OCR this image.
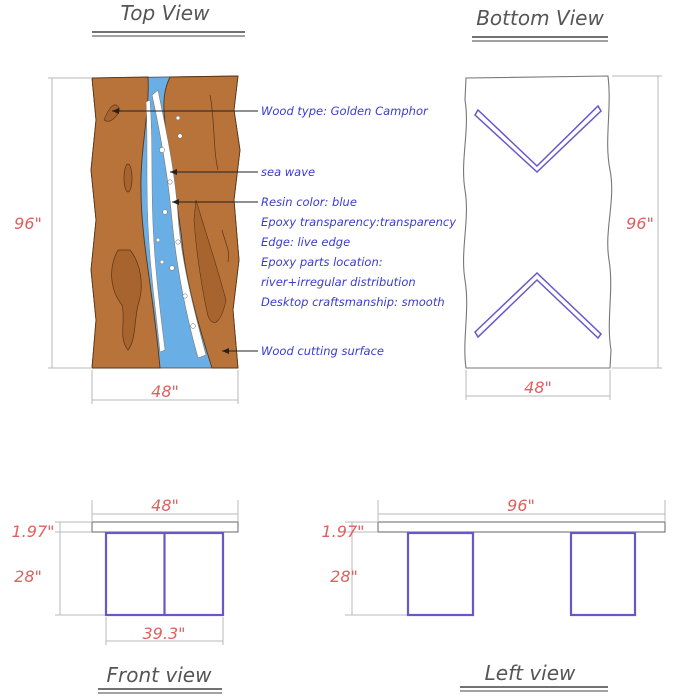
Top View
Wood type: Golden Camphor
sea wave
Resin color: blue
Epoxy transparency:transparency
Edge: live edge
Epoxy parts location:
river+irregular distribution
Desktop craftsmanship: smooth
Wood cutting surface
96"
48"
Bottom View
96"
48"
48"
1.97"
28"
39.3"
Front view
96"
1.97"
28"
Left view
